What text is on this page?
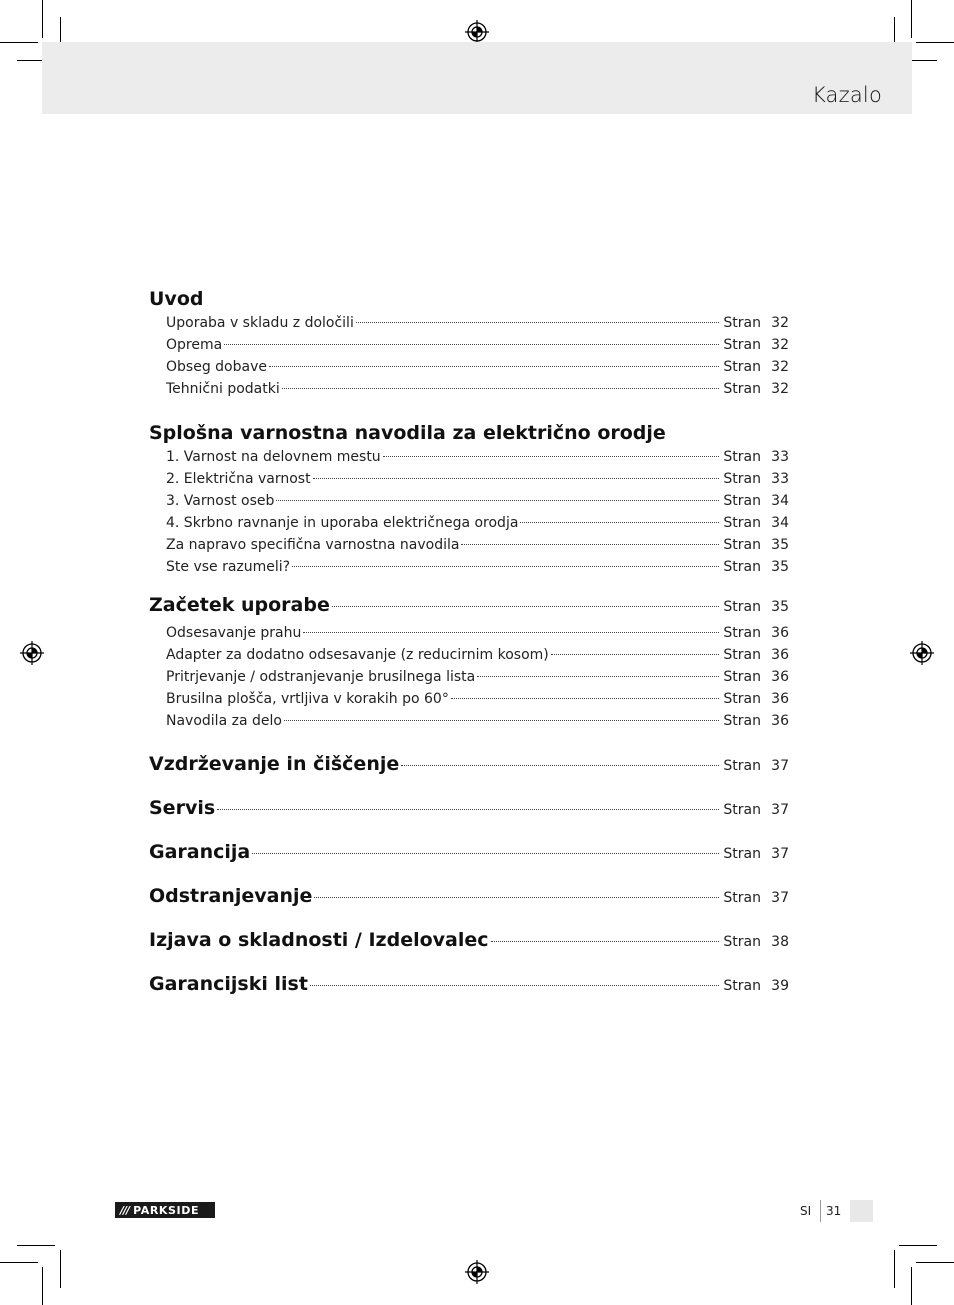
Kazalo
Uvod
Uporaba v skladu z določili	Stran 32
Oprema	Stran 32
Obseg dobave	Stran 32
Tehnični podatki	Stran 32
Splošna varnostna navodila za električno orodje
1. Varnost na delovnem mestu	Stran 33
2. Električna varnost	Stran 33
3. Varnost oseb	Stran 34
4. Skrbno ravnanje in uporaba električnega orodja	Stran 34
Za napravo specifična varnostna navodila	Stran 35
Ste vse razumeli?	Stran 35
Začetek uporabe	Stran 35
Odsesavanje prahu	Stran 36
Adapter za dodatno odsesavanje (z reducirnim kosom)	Stran 36
Pritrjevanje / odstranjevanje brusilnega lista	Stran 36
Brusilna plošča, vrtljiva v korakih po 60°	Stran 36
Navodila za delo	Stran 36
Vzdrževanje in čiščenje	Stran 37
Servis	Stran 37
Garancija	Stran 37
Odstranjevanje	Stran 37
Izjava o skladnosti / Izdelovalec	Stran 38
Garancijski list	Stran 39
/// PARKSIDE	SI 31
